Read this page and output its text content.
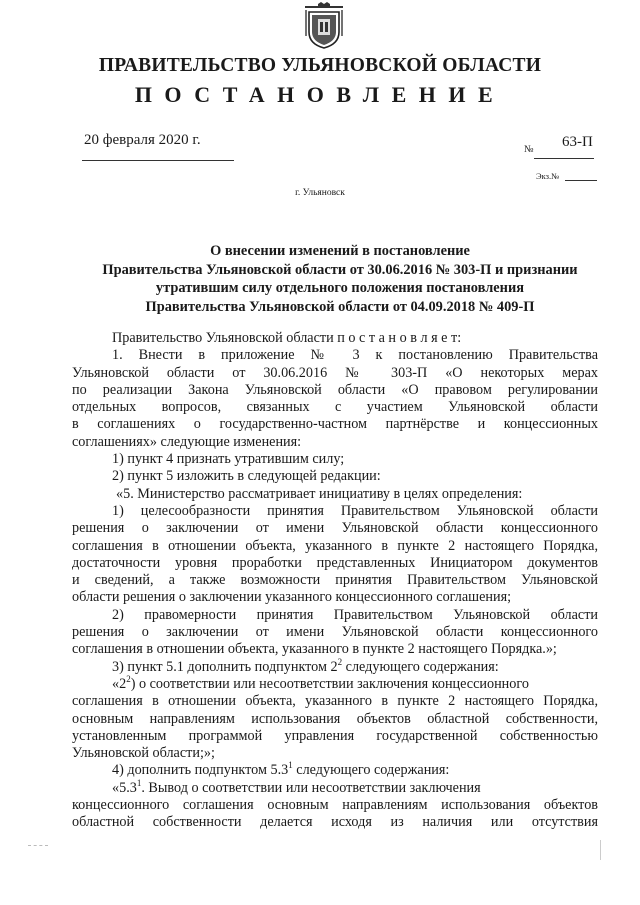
ПРАВИТЕЛЬСТВО УЛЬЯНОВСКОЙ ОБЛАСТИ
ПОСТАНОВЛЕНИЕ
20 февраля 2020 г.
№ 63-П
Экз.№
г. Ульяновск
О внесении изменений в постановление
Правительства Ульяновской области от 30.06.2016 № 303-П и признании
утратившим силу отдельного положения постановления
Правительства Ульяновской области от 04.09.2018 № 409-П
Правительство Ульяновской области п о с т а н о в л я е т:
1. Внести в приложение № 3 к постановлению Правительства
Ульяновской области от 30.06.2016 № 303-П «О некоторых мерах
по реализации Закона Ульяновской области «О правовом регулировании
отдельных вопросов, связанных с участием Ульяновской области
в соглашениях о государственно-частном партнёрстве и концессионных
соглашениях» следующие изменения:
1) пункт 4 признать утратившим силу;
2) пункт 5 изложить в следующей редакции:
«5. Министерство рассматривает инициативу в целях определения:
1) целесообразности принятия Правительством Ульяновской области
решения о заключении от имени Ульяновской области концессионного
соглашения в отношении объекта, указанного в пункте 2 настоящего Порядка,
достаточности уровня проработки представленных Инициатором документов
и сведений, а также возможности принятия Правительством Ульяновской
области решения о заключении указанного концессионного соглашения;
2) правомерности принятия Правительством Ульяновской области
решения о заключении от имени Ульяновской области концессионного
соглашения в отношении объекта, указанного в пункте 2 настоящего Порядка.»;
3) пункт 5.1 дополнить подпунктом $2^2$ следующего содержания:
«$2^2$) о соответствии или несоответствии заключения концессионного
соглашения в отношении объекта, указанного в пункте 2 настоящего Порядка,
основным направлениям использования объектов областной собственности,
установленным программой управления государственной собственностью
Ульяновской области;»;
4) дополнить подпунктом $5.3^1$ следующего содержания:
«$5.3^1$. Вывод о соответствии или несоответствии заключения
концессионного соглашения основным направлениям использования объектов
областной собственности делается исходя из наличия или отсутствия
